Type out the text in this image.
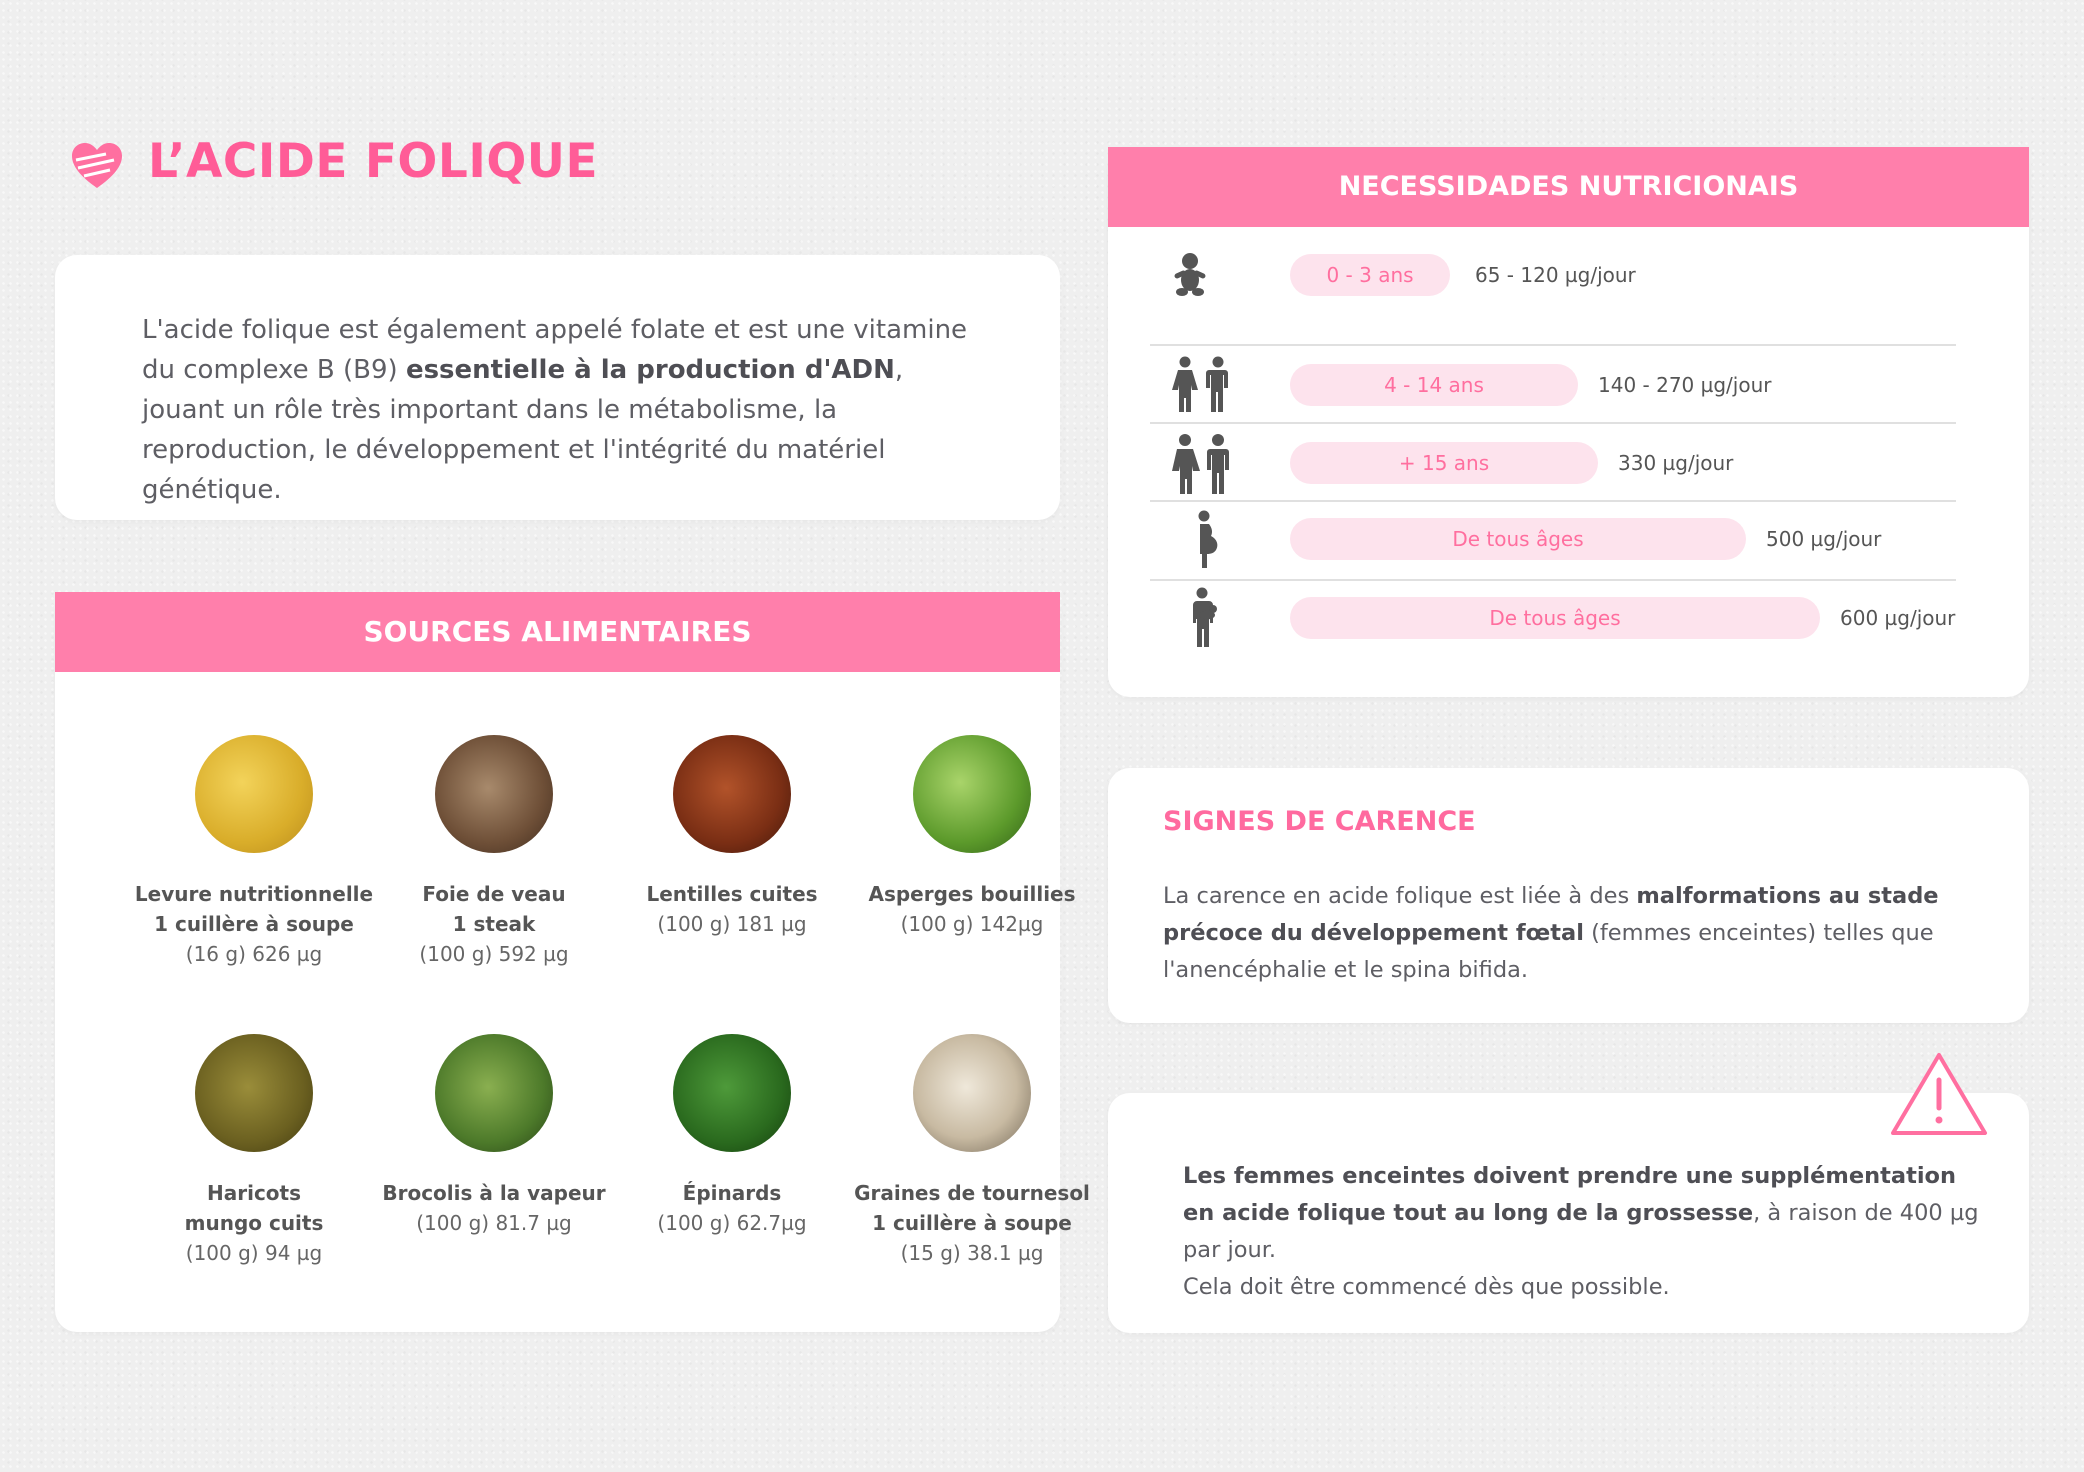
L’ACIDE FOLIQUE

L'acide folique est également appelé folate et est une vitamine du complexe B (B9) essentielle à la production d'ADN, jouant un rôle très important dans le métabolisme, la reproduction, le développement et l'intégrité du matériel génétique.

SOURCES ALIMENTAIRES
Levure nutritionnelle
1 cuillère à soupe
(16 g) 626 µg
Foie de veau
1 steak
(100 g) 592 µg
Lentilles cuites
(100 g) 181 µg
Asperges bouillies
(100 g) 142µg
Haricots
mungo cuits
(100 g) 94 µg
Brocolis à la vapeur
(100 g) 81.7 µg
Épinards
(100 g) 62.7µg
Graines de tournesol
1 cuillère à soupe
(15 g) 38.1 µg
NECESSIDADES NUTRICIONAIS
0 - 3 ans	65 - 120 µg/jour
4 - 14 ans	140 - 270 µg/jour
+ 15 ans	330 µg/jour
De tous âges	500 µg/jour
De tous âges	600 µg/jour
SIGNES DE CARENCE

La carence en acide folique est liée à des malformations au stade précoce du développement fœtal (femmes enceintes) telles que l'anencéphalie et le spina bifida.

Les femmes enceintes doivent prendre une supplémentation en acide folique tout au long de la grossesse, à raison de 400 µg par jour.
Cela doit être commencé dès que possible.
